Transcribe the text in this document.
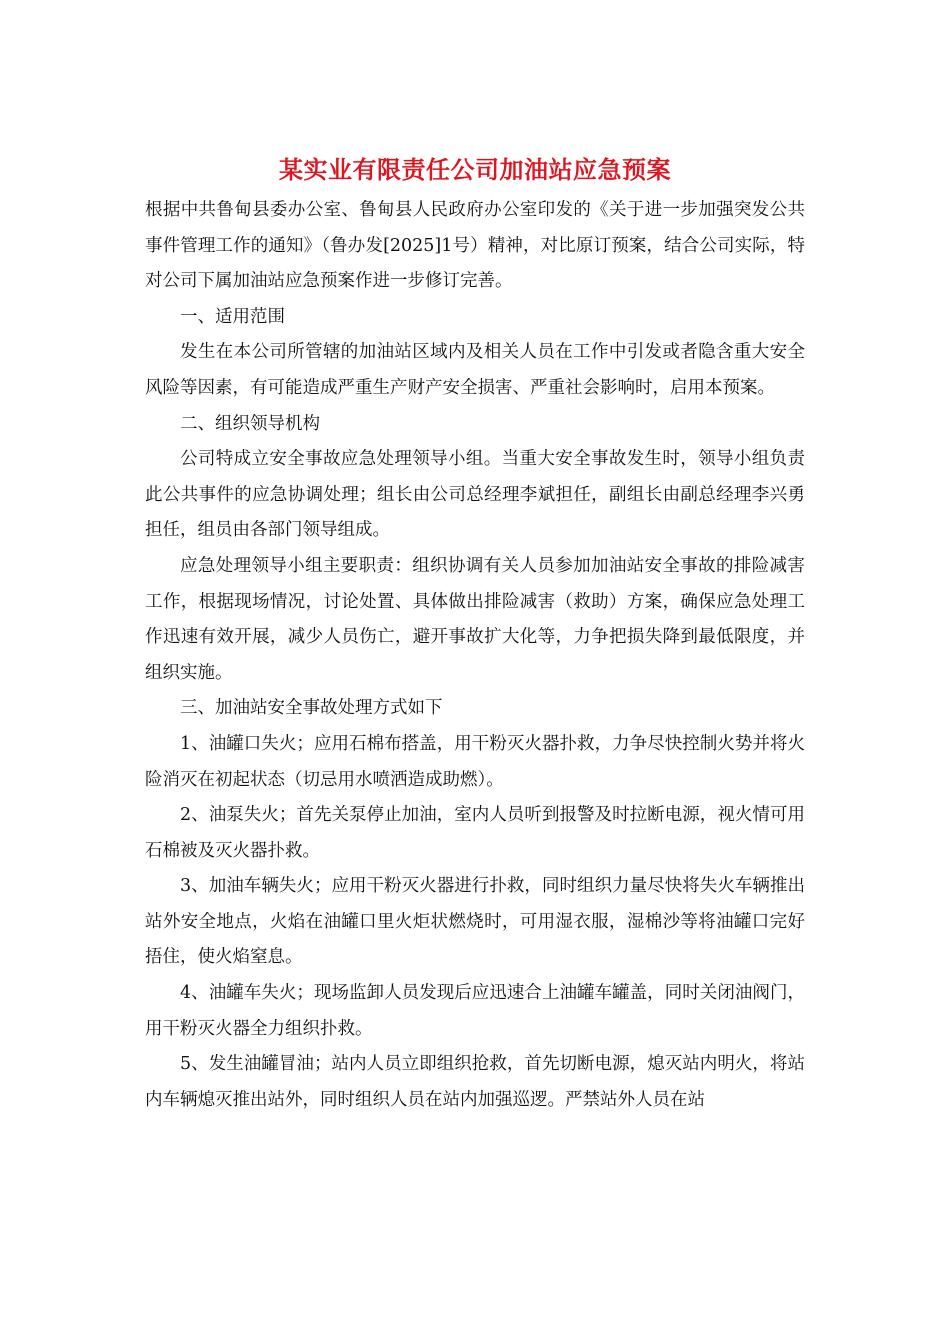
某实业有限责任公司加油站应急预案

根据中共鲁甸县委办公室、鲁甸县人民政府办公室印发的《关于进一步加强突发公共事件管理工作的通知》（鲁办发[2025]1号）精神，对比原订预案，结合公司实际，特对公司下属加油站应急预案作进一步修订完善。

一、适用范围

发生在本公司所管辖的加油站区域内及相关人员在工作中引发或者隐含重大安全风险等因素，有可能造成严重生产财产安全损害、严重社会影响时，启用本预案。

二、组织领导机构

公司特成立安全事故应急处理领导小组。当重大安全事故发生时，领导小组负责此公共事件的应急协调处理；组长由公司总经理李斌担任，副组长由副总经理李兴勇担任，组员由各部门领导组成。

应急处理领导小组主要职责：组织协调有关人员参加加油站安全事故的排险减害工作，根据现场情况，讨论处置、具体做出排险减害（救助）方案，确保应急处理工作迅速有效开展，减少人员伤亡，避开事故扩大化等，力争把损失降到最低限度，并组织实施。

三、加油站安全事故处理方式如下

1、油罐口失火；应用石棉布搭盖，用干粉灭火器扑救，力争尽快控制火势并将火险消灭在初起状态（切忌用水喷洒造成助燃）。

2、油泵失火；首先关泵停止加油，室内人员听到报警及时拉断电源，视火情可用石棉被及灭火器扑救。

3、加油车辆失火；应用干粉灭火器进行扑救，同时组织力量尽快将失火车辆推出站外安全地点，火焰在油罐口里火炬状燃烧时，可用湿衣服，湿棉沙等将油罐口完好捂住，使火焰窒息。

4、油罐车失火；现场监卸人员发现后应迅速合上油罐车罐盖，同时关闭油阀门，用干粉灭火器全力组织扑救。

5、发生油罐冒油；站内人员立即组织抢救，首先切断电源，熄灭站内明火，将站内车辆熄灭推出站外，同时组织人员在站内加强巡逻。严禁站外人员在站
